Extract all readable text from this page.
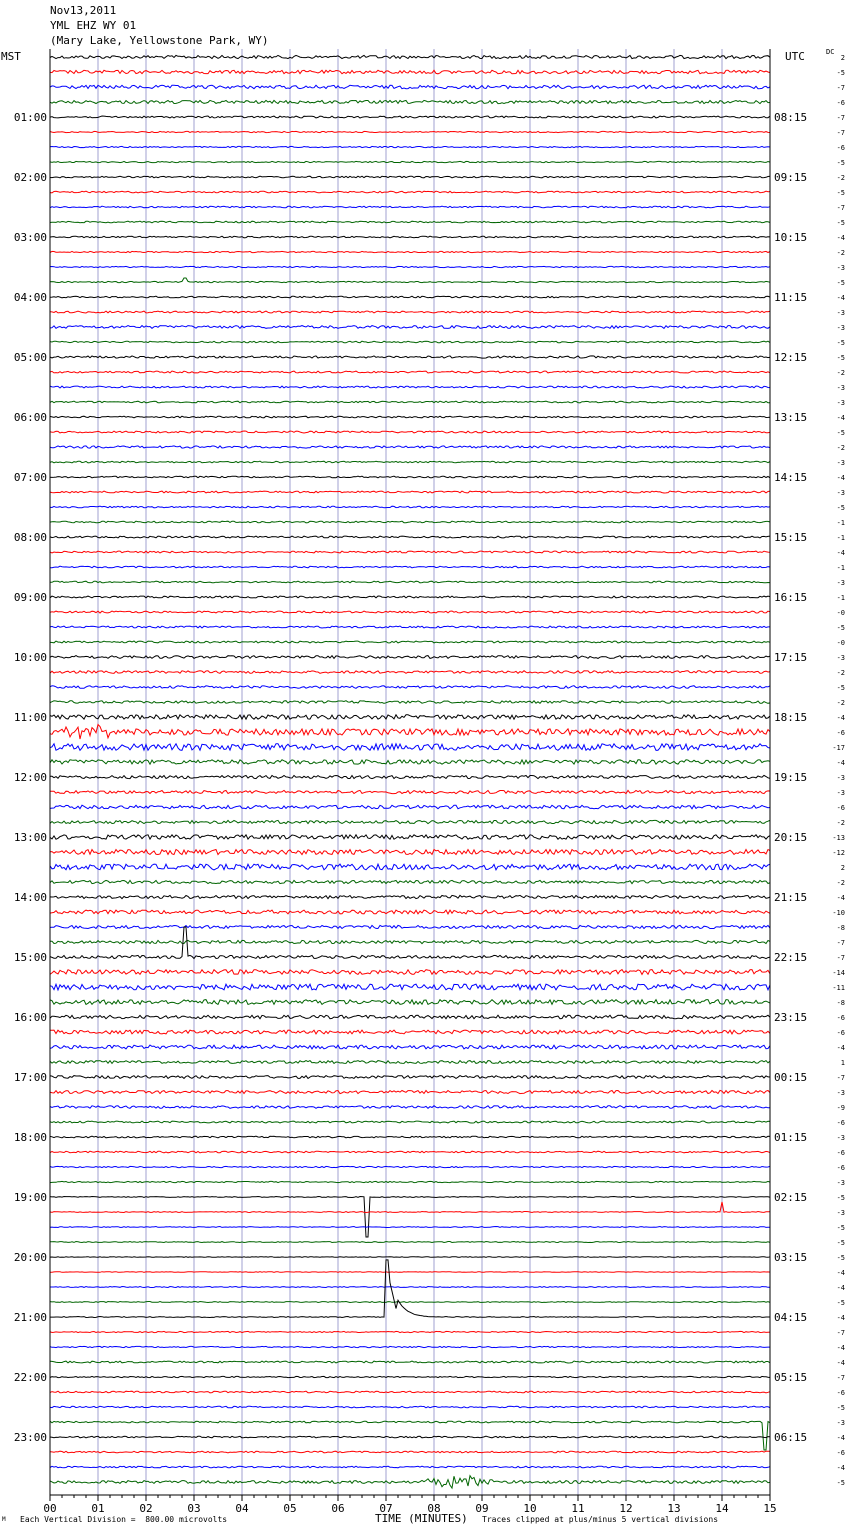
Nov13,2011
YML EHZ WY 01
(Mary Lake, Yellowstone Park, WY)
MST	UTC	DC
01:00
02:00
03:00
04:00
05:00
06:00
07:00
08:00
09:00
10:00
11:00
12:00
13:00
14:00
15:00
16:00
17:00
18:00
19:00
20:00
21:00
22:00
23:00
08:15
09:15
10:15
11:15
12:15
13:15
14:15
15:15
16:15
17:15
18:15
19:15
20:15
21:15
22:15
23:15
00:15
01:15
02:15
03:15
04:15
05:15
06:15
2
-5
-7
-6
-7
-7
-6
-5
-2
-5
-7
-5
-4
-2
-3
-5
-4
-3
-3
-5
-5
-2
-3
-3
-4
-5
-2
-3
-4
-3
-5
-1
-1
-4
-1
-3
-1
-0
-5
-0
-3
-2
-5
-2
-4
-6
-17
-4
-3
-3
-6
-2
-13
-12
2
-2
-4
-10
-8
-7
-7
-14
-11
-8
-6
-6
-4
1
-7
-3
-9
-6
-3
-6
-6
-3
-5
-3
-5
-5
-5
-4
-4
-5
-4
-7
-4
-4
-7
-6
-5
-3
-4
-6
-4
-5
00	01	02	03	04	05	06	07	08	09	10	11	12	13	14	15
M Each Vertical Division =  800.00 microvolts	TIME (MINUTES) Traces clipped at plus/minus 5 vertical divisions
